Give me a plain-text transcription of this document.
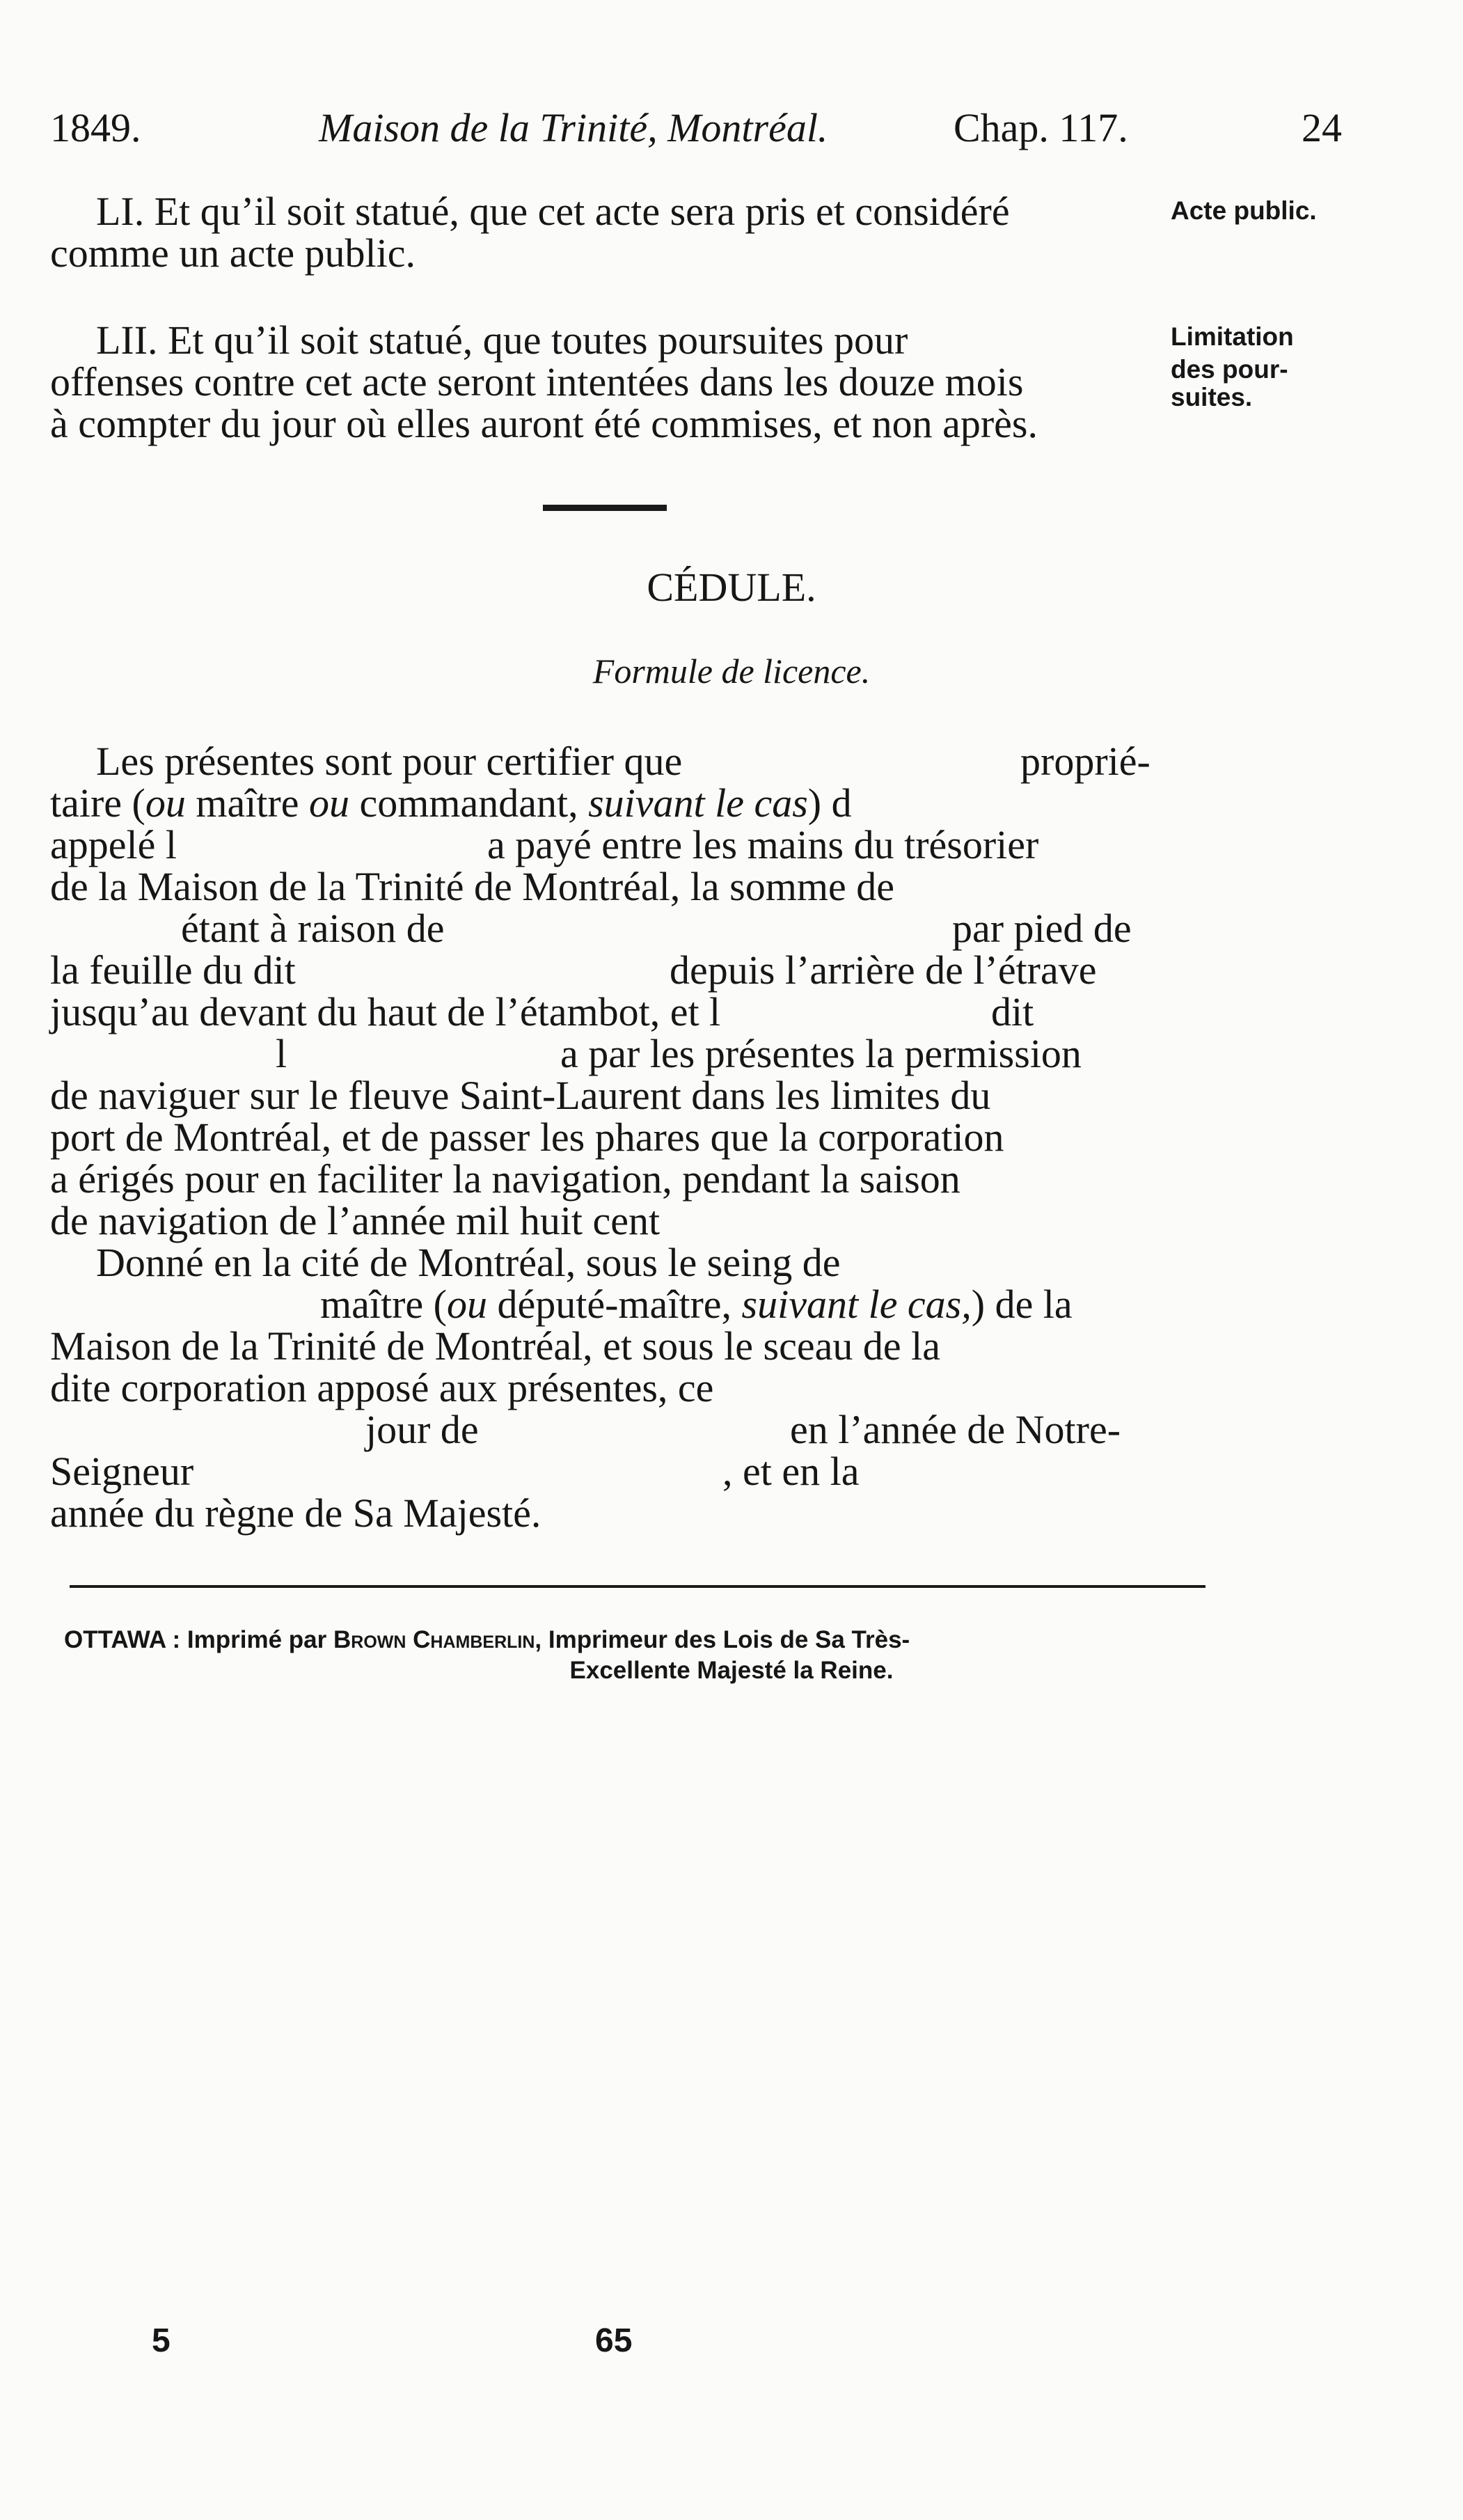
1849.	Maison de la Trinité, Montréal.	Chap. 117.	24
LI. Et qu’il soit statué, que cet acte sera pris et considéré
comme un acte public.
Acte public.
LII. Et qu’il soit statué, que toutes poursuites pour
offenses contre cet acte seront intentées dans les douze mois
à compter du jour où elles auront été commises, et non après.
Limitation
des pour-
suites.
CÉDULE.
Formule de licence.
Les présentes sont pour certifier que	proprié-
taire (ou maître ou commandant, suivant le cas) d
appelé l	a payé entre les mains du trésorier
de la Maison de la Trinité de Montréal, la somme de
étant à raison de	par pied de
la feuille du dit	depuis l’arrière de l’étrave
jusqu’au devant du haut de l’étambot, et l	dit
l	a par les présentes la permission
de naviguer sur le fleuve Saint-Laurent dans les limites du
port de Montréal, et de passer les phares que la corporation
a érigés pour en faciliter la navigation, pendant la saison
de navigation de l’année mil huit cent
Donné en la cité de Montréal, sous le seing de
maître (ou député-maître, suivant le cas,) de la
Maison de la Trinité de Montréal, et sous le sceau de la
dite corporation apposé aux présentes, ce
jour de	en l’année de Notre-
Seigneur	, et en la
année du règne de Sa Majesté.
OTTAWA : Imprimé par Brown Chamberlin, Imprimeur des Lois de Sa Très-
Excellente Majesté la Reine.
5	65
